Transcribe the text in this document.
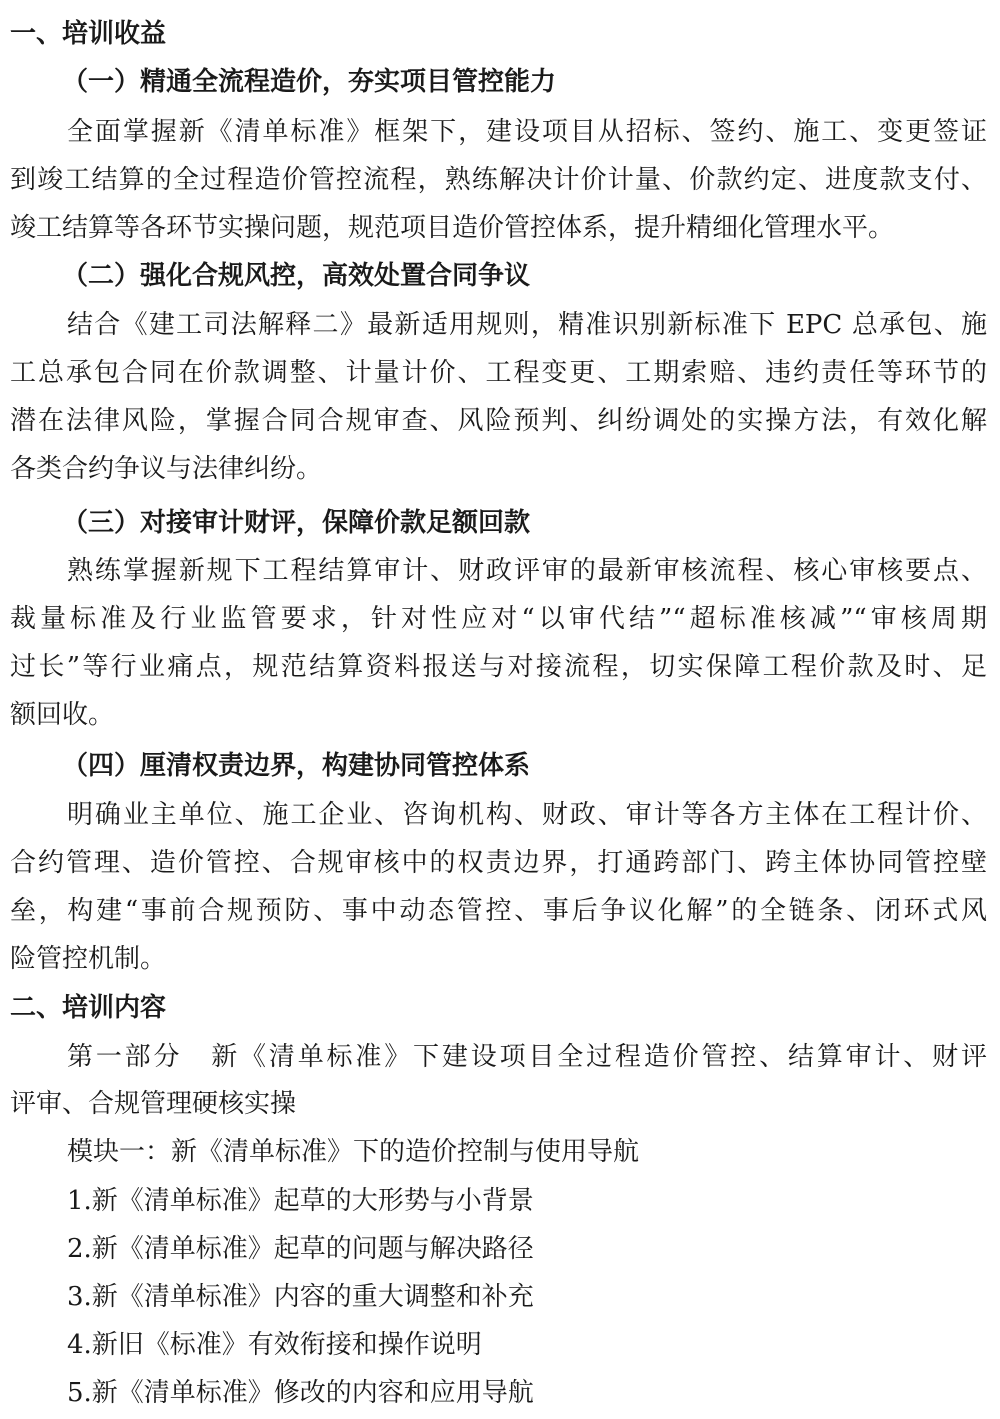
一、培训收益
（一）精通全流程造价，夯实项目管控能力
全面掌握新《清单标准》框架下，建设项目从招标、签约、施工、变更签证
到竣工结算的全过程造价管控流程，熟练解决计价计量、价款约定、进度款支付、
竣工结算等各环节实操问题，规范项目造价管控体系，提升精细化管理水平。
（二）强化合规风控，高效处置合同争议
结合《建工司法解释二》最新适用规则，精准识别新标准下 EPC 总承包、施
工总承包合同在价款调整、计量计价、工程变更、工期索赔、违约责任等环节的
潜在法律风险，掌握合同合规审查、风险预判、纠纷调处的实操方法，有效化解
各类合约争议与法律纠纷。
（三）对接审计财评，保障价款足额回款
熟练掌握新规下工程结算审计、财政评审的最新审核流程、核心审核要点、
裁量标准及行业监管要求，针对性应对“以审代结”“超标准核减”“审核周期
过长”等行业痛点，规范结算资料报送与对接流程，切实保障工程价款及时、足
额回收。
（四）厘清权责边界，构建协同管控体系
明确业主单位、施工企业、咨询机构、财政、审计等各方主体在工程计价、
合约管理、造价管控、合规审核中的权责边界，打通跨部门、跨主体协同管控壁
垒，构建“事前合规预防、事中动态管控、事后争议化解”的全链条、闭环式风
险管控机制。
二、培训内容
第一部分　新《清单标准》下建设项目全过程造价管控、结算审计、财评
评审、合规管理硬核实操
模块一：新《清单标准》下的造价控制与使用导航
1.新《清单标准》起草的大形势与小背景
2.新《清单标准》起草的问题与解决路径
3.新《清单标准》内容的重大调整和补充
4.新旧《标准》有效衔接和操作说明
5.新《清单标准》修改的内容和应用导航
